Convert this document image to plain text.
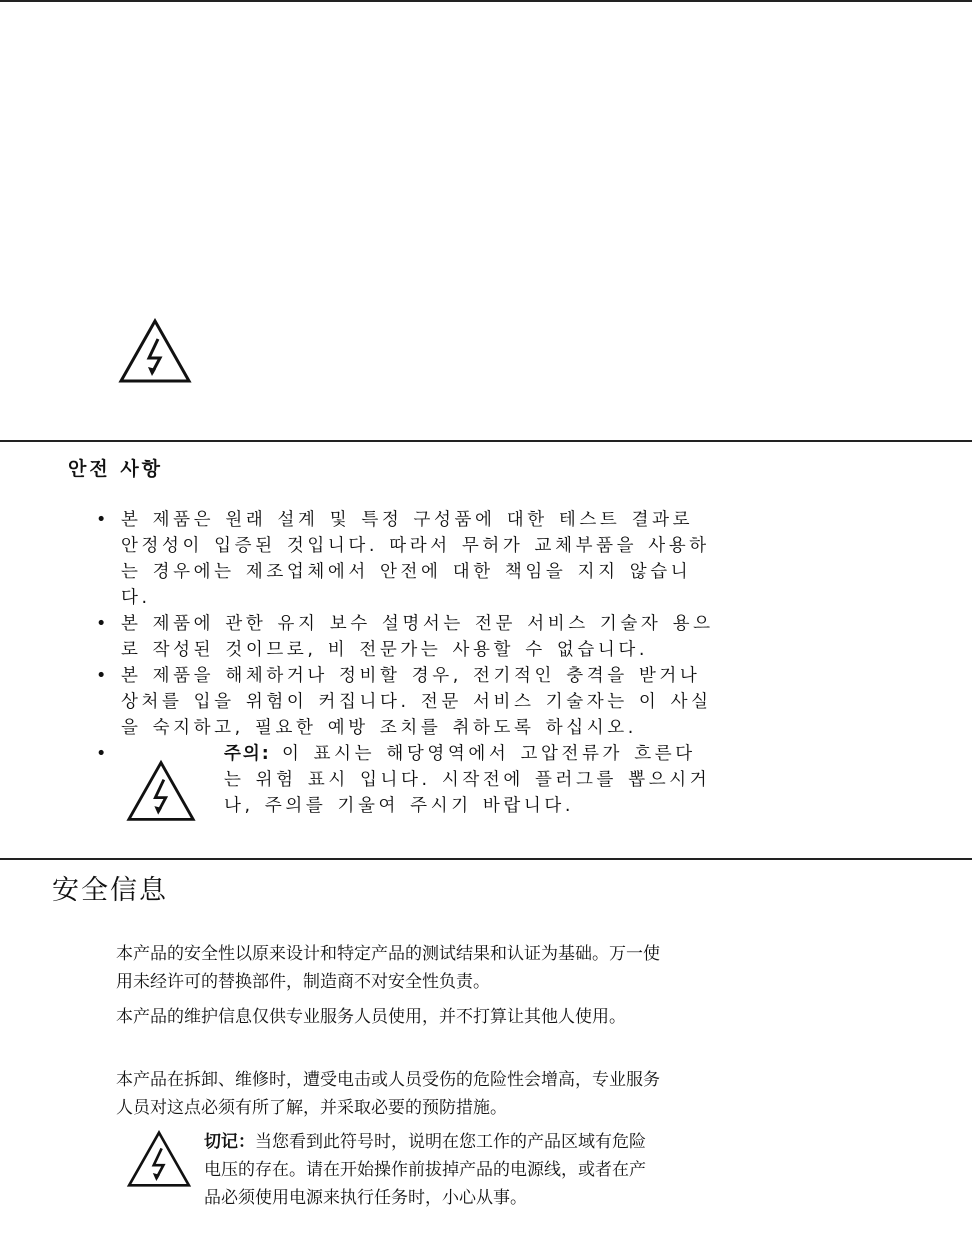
안전 사항

• 본 제품은 원래 설계 및 특정 구성품에 대한 테스트 결과로 안정성이 입증된 것입니다. 따라서 무허가 교체부품을 사용하는 경우에는 제조업체에서 안전에 대한 책임을 지지 않습니다.

• 본 제품에 관한 유지 보수 설명서는 전문 서비스 기술자 용으로 작성된 것이므로, 비 전문가는 사용할 수 없습니다.

• 본 제품을 해체하거나 정비할 경우, 전기적인 충격을 받거나 상처를 입을 위험이 커집니다. 전문 서비스 기술자는 이 사실을 숙지하고, 필요한 예방 조치를 취하도록 하십시오.

• 주의: 이 표시는 해당영역에서 고압전류가 흐른다는 위험 표시 입니다. 시작전에 플러그를 뽑으시거나, 주의를 기울여 주시기 바랍니다.

安全信息

本产品的安全性以原来设计和特定产品的测试结果和认证为基础。万一使用未经许可的替换部件，制造商不对安全性负责。

本产品的维护信息仅供专业服务人员使用，并不打算让其他人使用。

本产品在拆卸、维修时，遭受电击或人员受伤的危险性会增高，专业服务人员对这点必须有所了解，并采取必要的预防措施。

切记：当您看到此符号时，说明在您工作的产品区域有危险电压的存在。请在开始操作前拔掉产品的电源线，或者在产品必须使用电源来执行任务时，小心从事。
